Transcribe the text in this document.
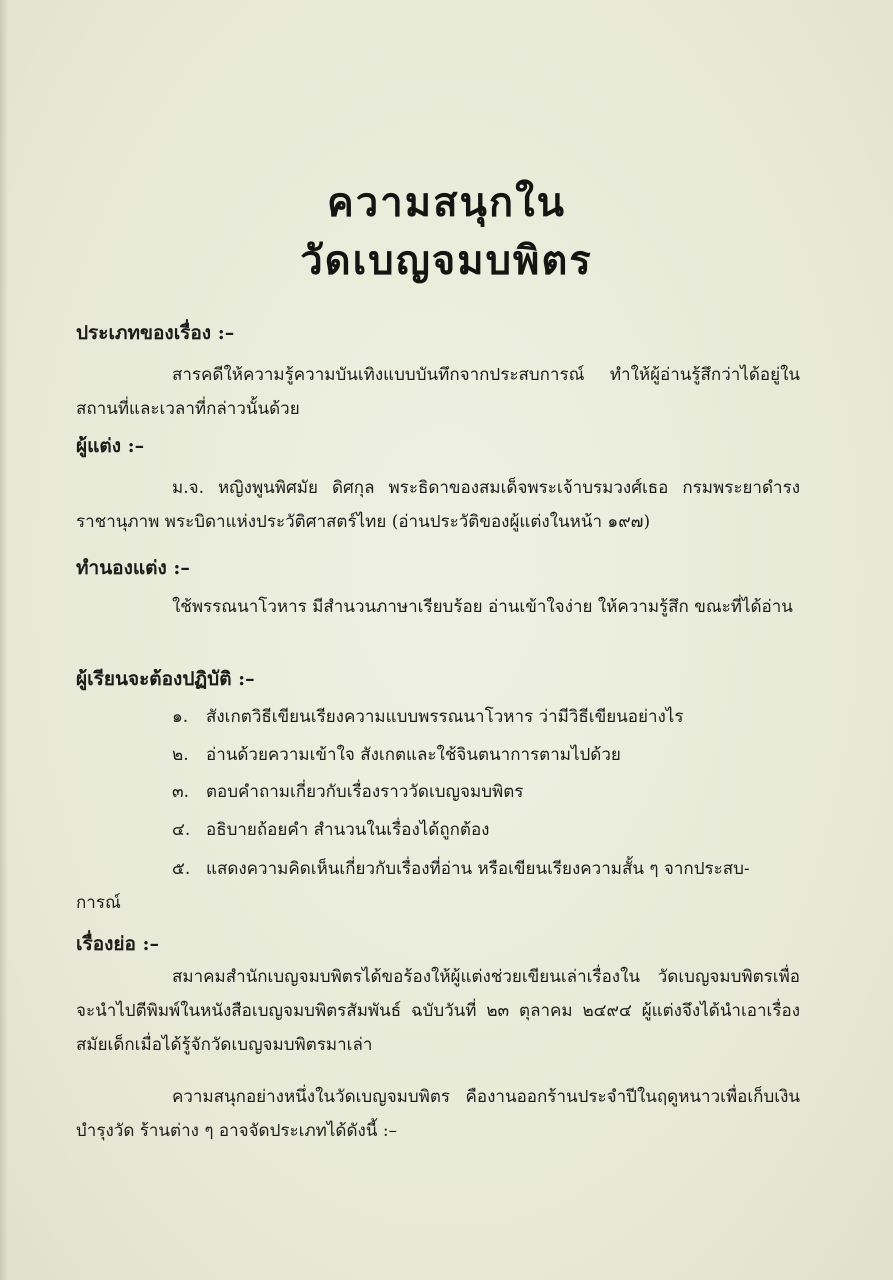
ความสนุกใน
วัดเบญจมบพิตร
ประเภทของเรื่อง :–

สารคดีให้ความรู้ความบันเทิงแบบบันทึกจากประสบการณ์ ทำให้ผู้อ่านรู้สึกว่าได้อยู่ในสถานที่และเวลาที่กล่าวนั้นด้วย

ผู้แต่ง :–

ม.จ. หญิงพูนพิศมัย ดิศกุล พระธิดาของสมเด็จพระเจ้าบรมวงศ์เธอ กรมพระยาดำรงราชานุภาพ พระบิดาแห่งประวัติศาสตร์ไทย (อ่านประวัติของผู้แต่งในหน้า ๑๙๗)

ทำนองแต่ง :–

ใช้พรรณนาโวหาร มีสำนวนภาษาเรียบร้อย อ่านเข้าใจง่าย ให้ความรู้สึก ขณะที่ได้อ่าน

ผู้เรียนจะต้องปฏิบัติ :–
๑. สังเกตวิธีเขียนเรียงความแบบพรรณนาโวหาร ว่ามีวิธีเขียนอย่างไร
๒. อ่านด้วยความเข้าใจ สังเกตและใช้จินตนาการตามไปด้วย
๓. ตอบคำถามเกี่ยวกับเรื่องราววัดเบญจมบพิตร
๔. อธิบายถ้อยคำ สำนวนในเรื่องได้ถูกต้อง
๕. แสดงความคิดเห็นเกี่ยวกับเรื่องที่อ่าน หรือเขียนเรียงความสั้น ๆ จากประสบ-
การณ์
เรื่องย่อ :–

สมาคมสำนักเบญจมบพิตรได้ขอร้องให้ผู้แต่งช่วยเขียนเล่าเรื่องใน วัดเบญจมบพิตรเพื่อจะนำไปตีพิมพ์ในหนังสือเบญจมบพิตรสัมพันธ์ ฉบับวันที่ ๒๓ ตุลาคม ๒๔๙๔ ผู้แต่งจึงได้นำเอาเรื่องสมัยเด็กเมื่อได้รู้จักวัดเบญจมบพิตรมาเล่า

ความสนุกอย่างหนึ่งในวัดเบญจมบพิตร คืองานออกร้านประจำปีในฤดูหนาวเพื่อเก็บเงินบำรุงวัด ร้านต่าง ๆ อาจจัดประเภทได้ดังนี้ :–
